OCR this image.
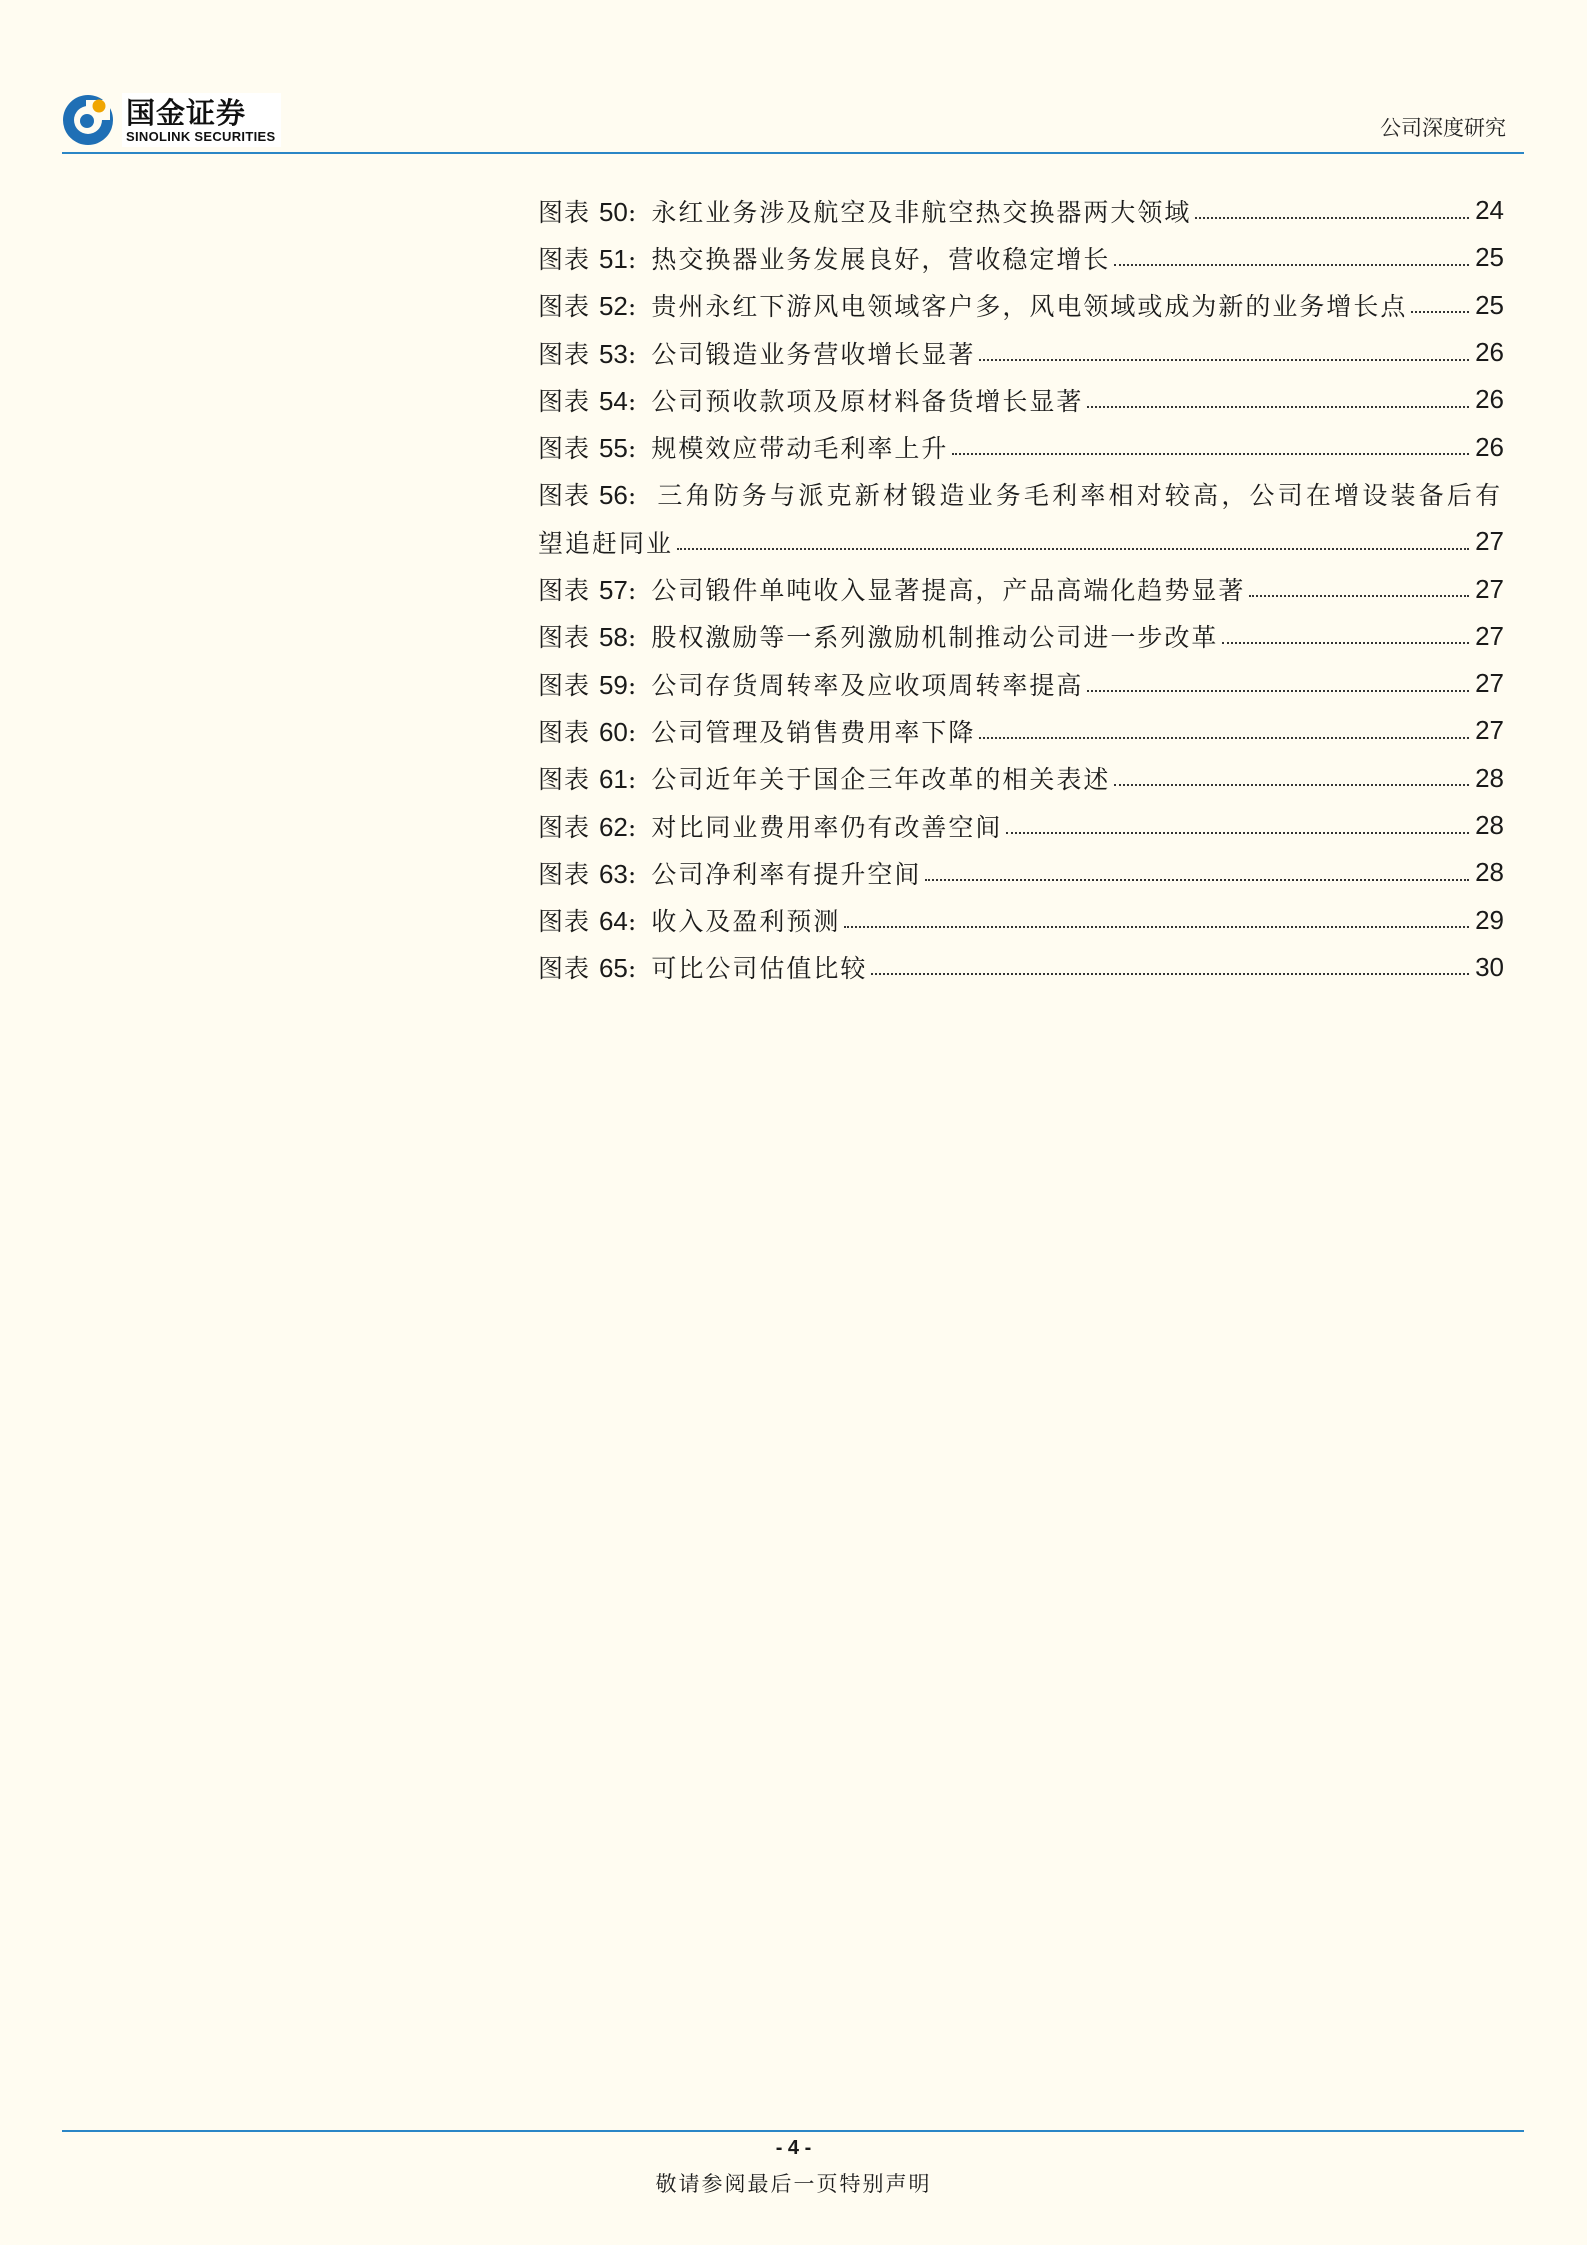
国金证券
SINOLINK SECURITIES	公司深度研究
图表 50: 永红业务涉及航空及非航空热交换器两大领域	24
图表 51: 热交换器业务发展良好，营收稳定增长	25
图表 52: 贵州永红下游风电领域客户多，风电领域或成为新的业务增长点	25
图表 53: 公司锻造业务营收增长显著	26
图表 54: 公司预收款项及原材料备货增长显著	26
图表 55: 规模效应带动毛利率上升	26
图表 56: 三角防务与派克新材锻造业务毛利率相对较高，公司在增设装备后有
望追赶同业	27
图表 57: 公司锻件单吨收入显著提高，产品高端化趋势显著	27
图表 58: 股权激励等一系列激励机制推动公司进一步改革	27
图表 59: 公司存货周转率及应收项周转率提高	27
图表 60: 公司管理及销售费用率下降	27
图表 61: 公司近年关于国企三年改革的相关表述	28
图表 62: 对比同业费用率仍有改善空间	28
图表 63: 公司净利率有提升空间	28
图表 64: 收入及盈利预测	29
图表 65: 可比公司估值比较	30
- 4 -
敬请参阅最后一页特别声明
